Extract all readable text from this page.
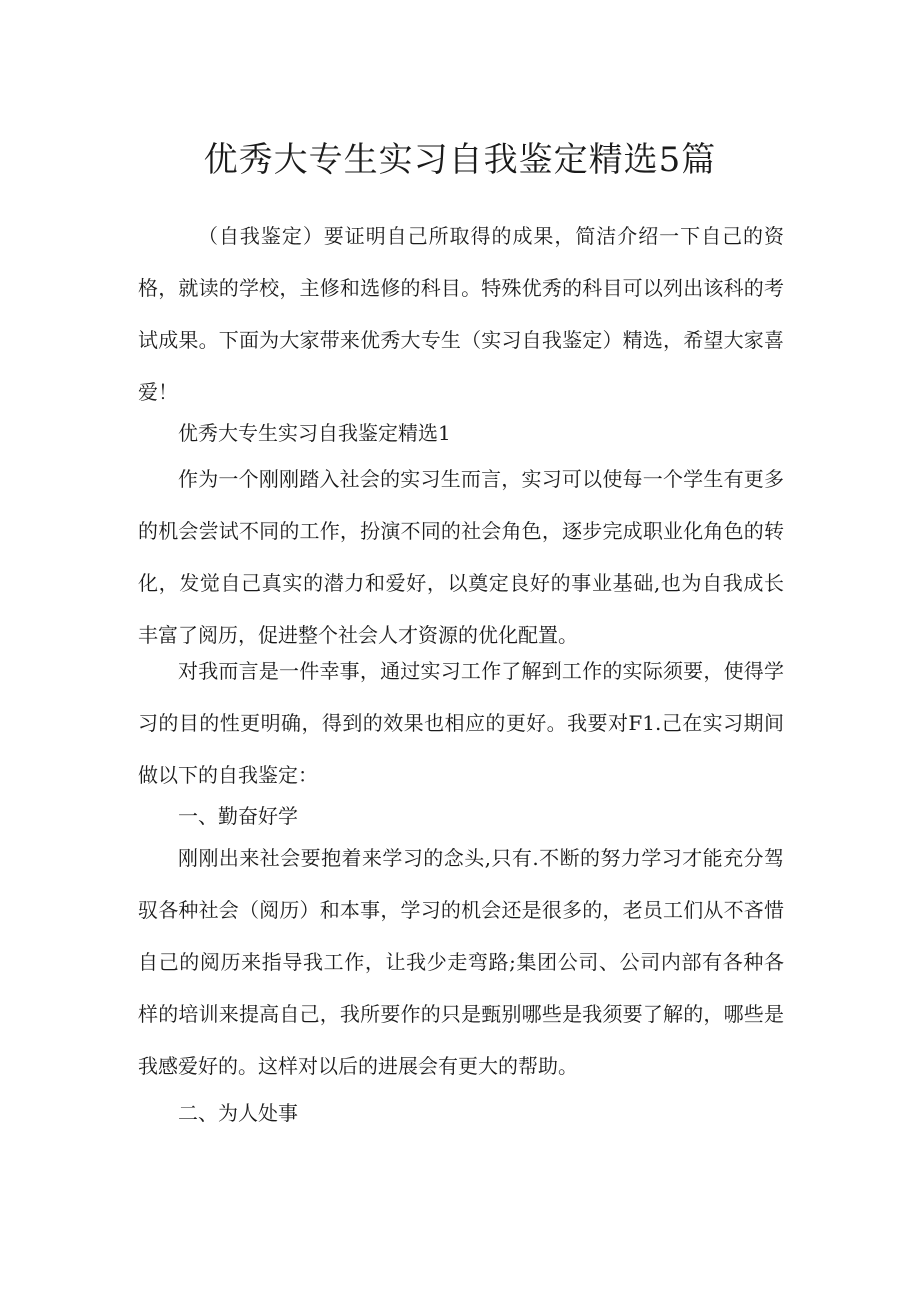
优秀大专生实习自我鉴定精选5篇

（自我鉴定）要证明自己所取得的成果，简洁介绍一下自己的资格，就读的学校，主修和选修的科目。特殊优秀的科目可以列出该科的考试成果。下面为大家带来优秀大专生（实习自我鉴定）精选，希望大家喜爱！

优秀大专生实习自我鉴定精选1

作为一个刚刚踏入社会的实习生而言，实习可以使每一个学生有更多的机会尝试不同的工作，扮演不同的社会角色，逐步完成职业化角色的转化，发觉自己真实的潜力和爱好，以奠定良好的事业基础,也为自我成长丰富了阅历，促进整个社会人才资源的优化配置。

对我而言是一件幸事，通过实习工作了解到工作的实际须要，使得学习的目的性更明确，得到的效果也相应的更好。我要对F1.己在实习期间做以下的自我鉴定：

一、勤奋好学

刚刚出来社会要抱着来学习的念头,只有.不断的努力学习才能充分驾驭各种社会（阅历）和本事，学习的机会还是很多的，老员工们从不吝惜自己的阅历来指导我工作，让我少走弯路;集团公司、公司内部有各种各样的培训来提高自己，我所要作的只是甄别哪些是我须要了解的，哪些是我感爱好的。这样对以后的进展会有更大的帮助。

二、为人处事
